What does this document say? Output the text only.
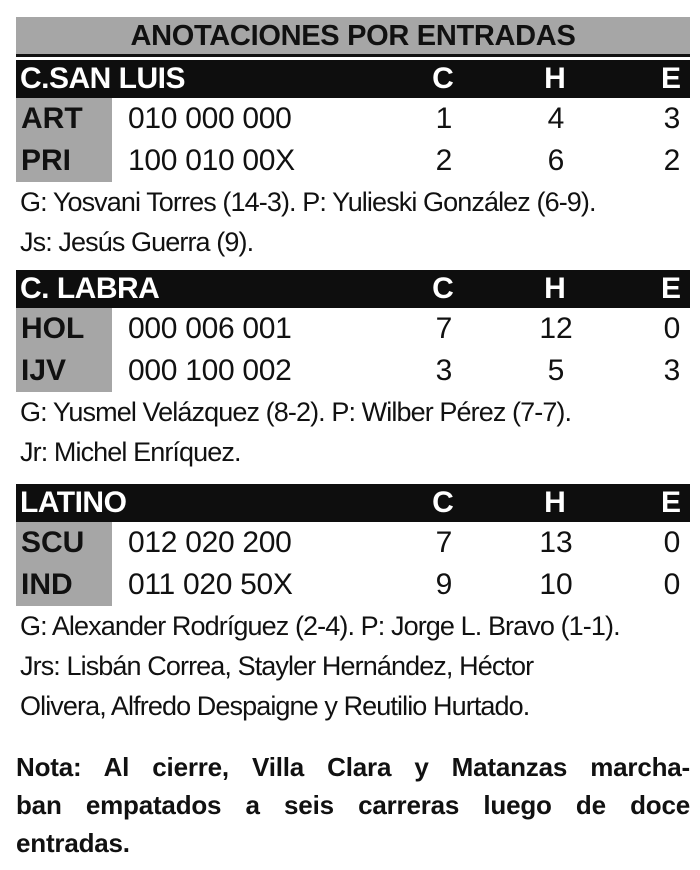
ANOTACIONES POR ENTRADAS
C.SAN LUIS	C	H	E
ART	010 000 000	1	4	3
PRI	100 010 00X	2	6	2
G: Yosvani Torres (14-3). P: Yulieski González (6-9).
Js: Jesús Guerra (9).
C. LABRA	C	H	E
HOL	000 006 001	7	12	0
IJV	000 100 002	3	5	3
G: Yusmel Velázquez (8-2). P: Wilber Pérez (7-7).
Jr: Michel Enríquez.
LATINO	C	H	E
SCU	012 020 200	7	13	0
IND	011 020 50X	9	10	0
G: Alexander Rodríguez (2-4). P: Jorge L. Bravo (1-1).
Jrs: Lisbán Correa, Stayler Hernández, Héctor
Olivera, Alfredo Despaigne y Reutilio Hurtado.
Nota: Al cierre, Villa Clara y Matanzas marcha-
ban empatados a seis carreras luego de doce
entradas.
